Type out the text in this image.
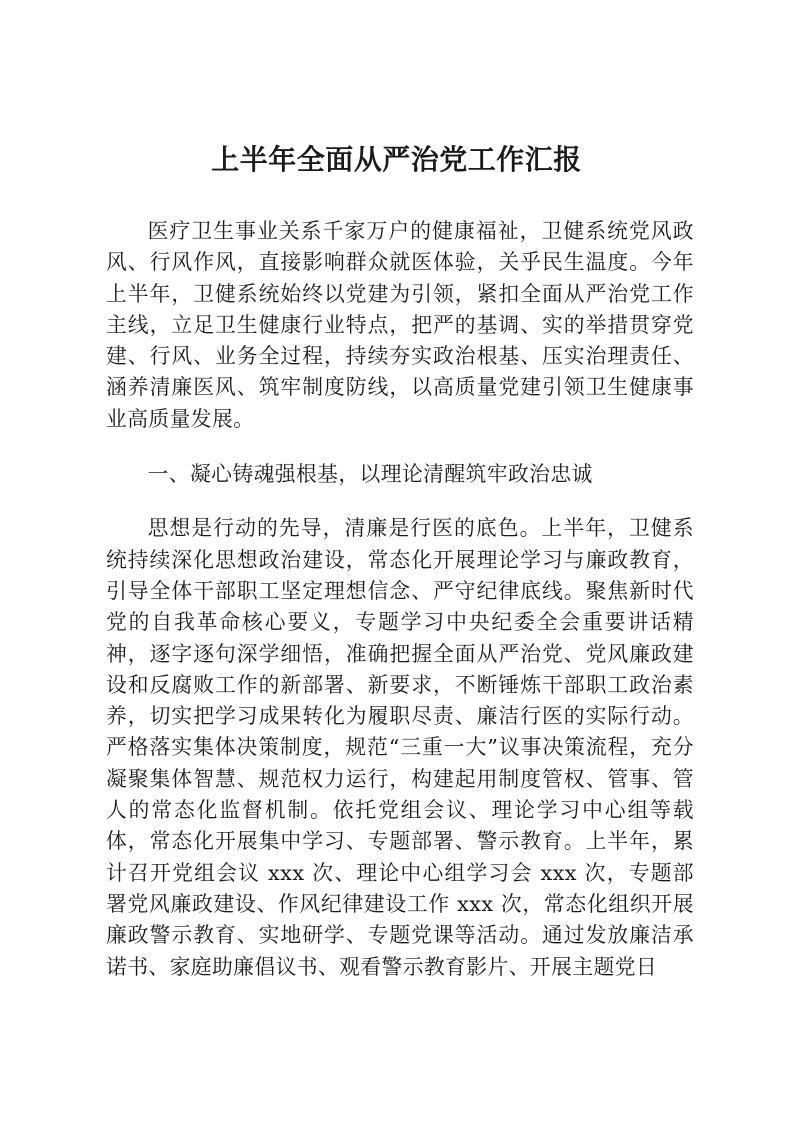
上半年全面从严治党工作汇报

医疗卫生事业关系千家万户的健康福祉，卫健系统党风政风、行风作风，直接影响群众就医体验，关乎民生温度。今年上半年，卫健系统始终以党建为引领，紧扣全面从严治党工作主线，立足卫生健康行业特点，把严的基调、实的举措贯穿党建、行风、业务全过程，持续夯实政治根基、压实治理责任、涵养清廉医风、筑牢制度防线，以高质量党建引领卫生健康事业高质量发展。

一、凝心铸魂强根基，以理论清醒筑牢政治忠诚

思想是行动的先导，清廉是行医的底色。上半年，卫健系统持续深化思想政治建设，常态化开展理论学习与廉政教育，引导全体干部职工坚定理想信念、严守纪律底线。聚焦新时代党的自我革命核心要义，专题学习中央纪委全会重要讲话精神，逐字逐句深学细悟，准确把握全面从严治党、党风廉政建设和反腐败工作的新部署、新要求，不断锤炼干部职工政治素养，切实把学习成果转化为履职尽责、廉洁行医的实际行动。严格落实集体决策制度，规范“三重一大”议事决策流程，充分凝聚集体智慧、规范权力运行，构建起用制度管权、管事、管人的常态化监督机制。依托党组会议、理论学习中心组等载体，常态化开展集中学习、专题部署、警示教育。上半年，累计召开党组会议 xxx 次、理论中心组学习会 xxx 次，专题部署党风廉政建设、作风纪律建设工作 xxx 次，常态化组织开展廉政警示教育、实地研学、专题党课等活动。通过发放廉洁承诺书、家庭助廉倡议书、观看警示教育影片、开展主题党日
